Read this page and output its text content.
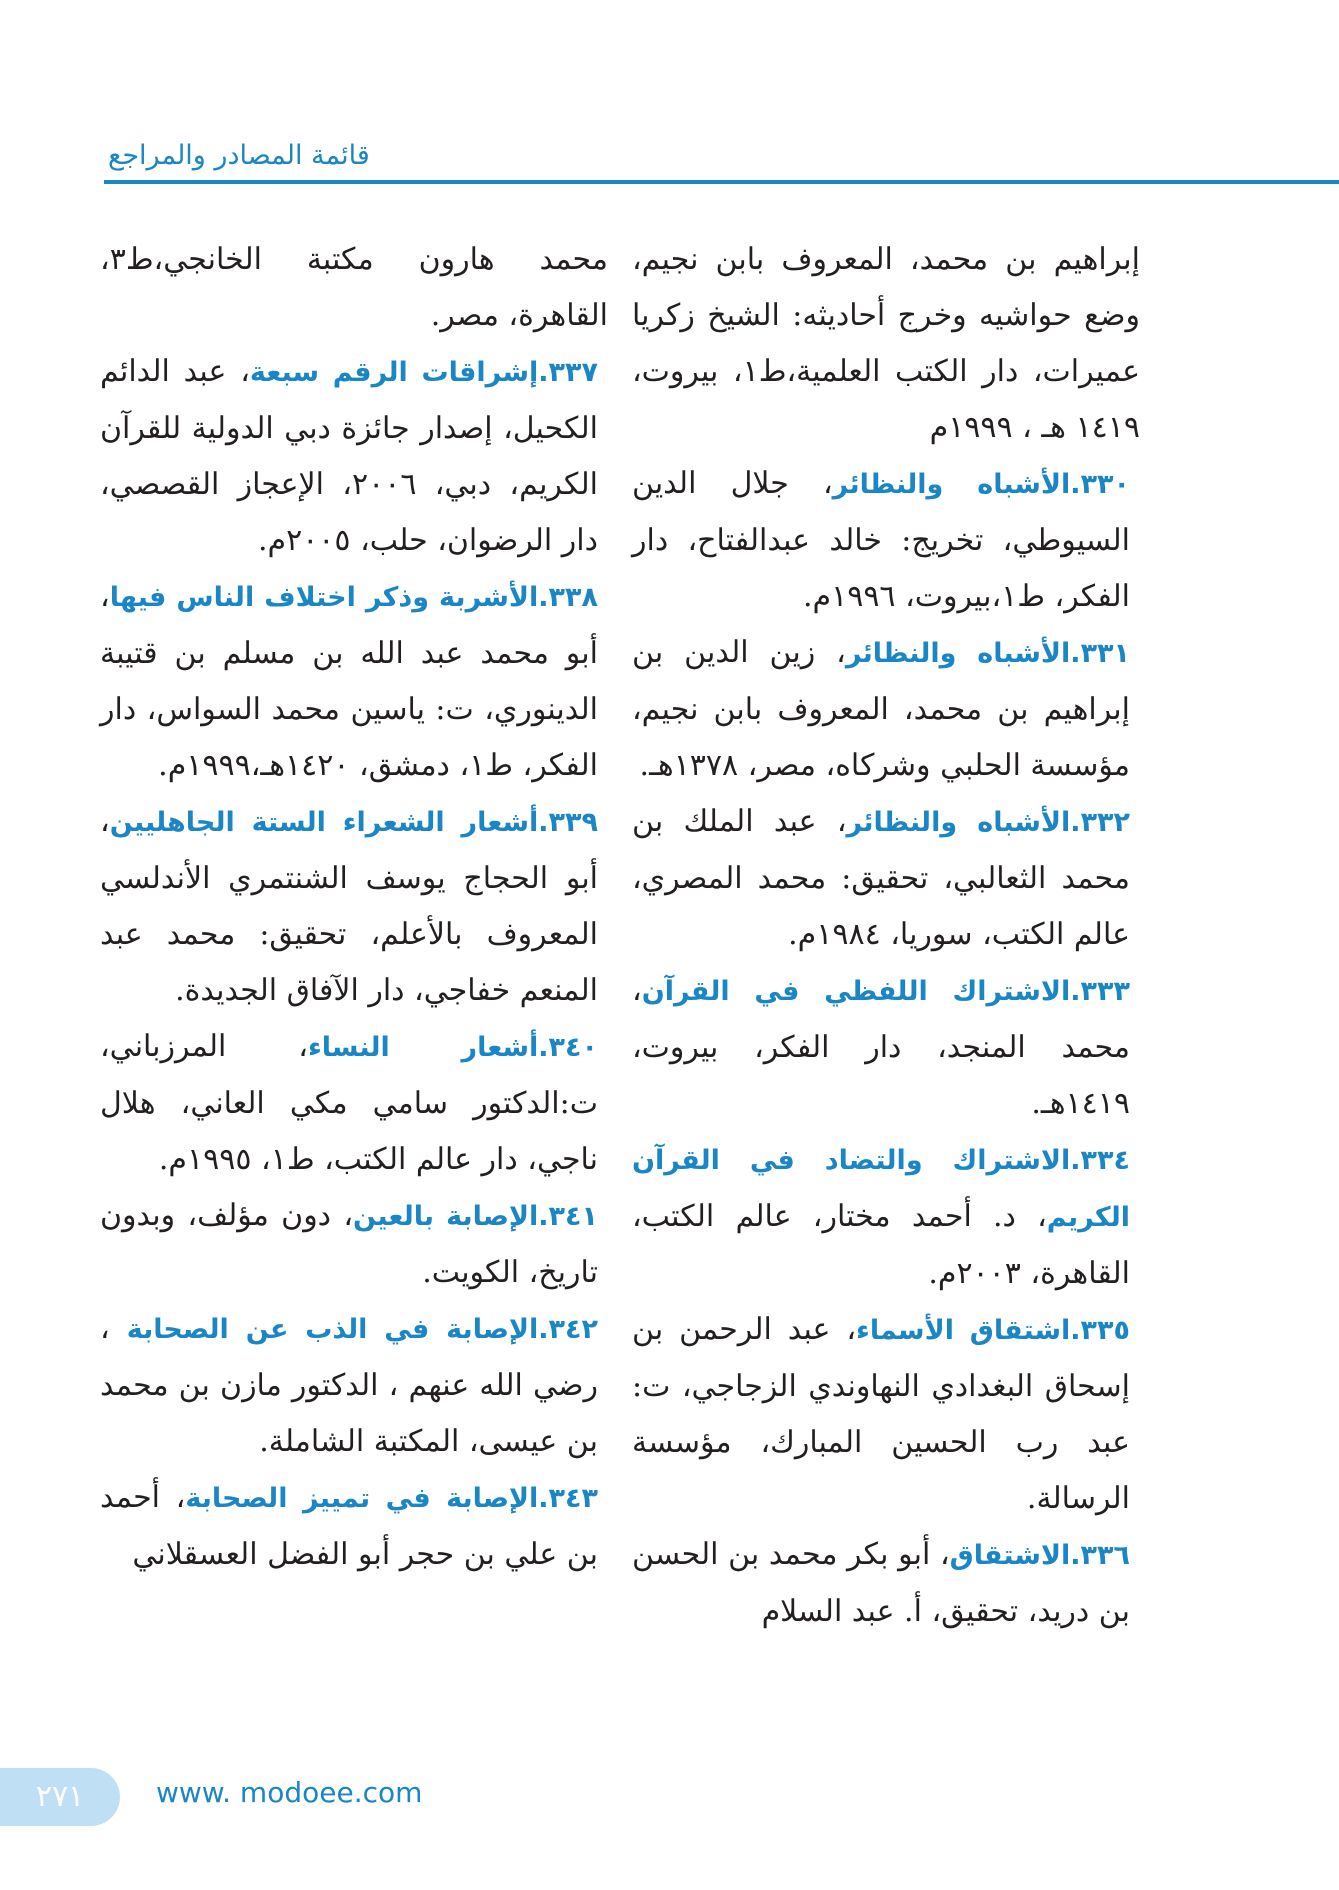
قائمة المصادر والمراجع

إبراهيم بن محمد، المعروف بابن نجيم، وضع حواشيه وخرج أحاديثه: الشيخ زكريا عميرات، دار الكتب العلمية،ط١، بيروت، ١٤١٩ هـ ، ١٩٩٩م

٣٣٠.الأشباه والنظائر، جلال الدين السيوطي، تخريج: خالد عبدالفتاح، دار الفكر، ط١،بيروت، ١٩٩٦م.

٣٣١.الأشباه والنظائر، زين الدين بن إبراهيم بن محمد، المعروف بابن نجيم، مؤسسة الحلبي وشركاه، مصر، ١٣٧٨هـ.

٣٣٢.الأشباه والنظائر، عبد الملك بن محمد الثعالبي، تحقيق: محمد المصري، عالم الكتب، سوريا، ١٩٨٤م.

٣٣٣.الاشتراك اللفظي في القرآن، محمد المنجد، دار الفكر، بيروت، ١٤١٩هـ.

٣٣٤.الاشتراك والتضاد في القرآن الكريم، د. أحمد مختار، عالم الكتب، القاهرة، ٢٠٠٣م.

٣٣٥.اشتقاق الأسماء، عبد الرحمن بن إسحاق البغدادي النهاوندي الزجاجي، ت: عبد رب الحسين المبارك، مؤسسة الرسالة.

٣٣٦.الاشتقاق، أبو بكر محمد بن الحسن بن دريد، تحقيق، أ. عبد السلام

محمد هارون مكتبة الخانجي،ط٣، القاهرة، مصر.

٣٣٧.إشراقات الرقم سبعة، عبد الدائم الكحيل، إصدار جائزة دبي الدولية للقرآن الكريم، دبي، ٢٠٠٦، الإعجاز القصصي، دار الرضوان، حلب، ٢٠٠٥م.

٣٣٨.الأشربة وذكر اختلاف الناس فيها، أبو محمد عبد الله بن مسلم بن قتيبة الدينوري، ت: ياسين محمد السواس، دار الفكر، ط١، دمشق، ١٤٢٠هـ،١٩٩٩م.

٣٣٩.أشعار الشعراء الستة الجاهليين، أبو الحجاج يوسف الشنتمري الأندلسي المعروف بالأعلم، تحقيق: محمد عبد المنعم خفاجي، دار الآفاق الجديدة.

٣٤٠.أشعار النساء، المرزباني، ت:الدكتور سامي مكي العاني، هلال ناجي، دار عالم الكتب، ط١، ١٩٩٥م.

٣٤١.الإصابة بالعين، دون مؤلف، وبدون تاريخ، الكويت.

٣٤٢.الإصابة في الذب عن الصحابة ، رضي الله عنهم ، الدكتور مازن بن محمد بن عيسى، المكتبة الشاملة.

٣٤٣.الإصابة في تمييز الصحابة، أحمد بن علي بن حجر أبو الفضل العسقلاني

٢٧١	www. modoee.com
